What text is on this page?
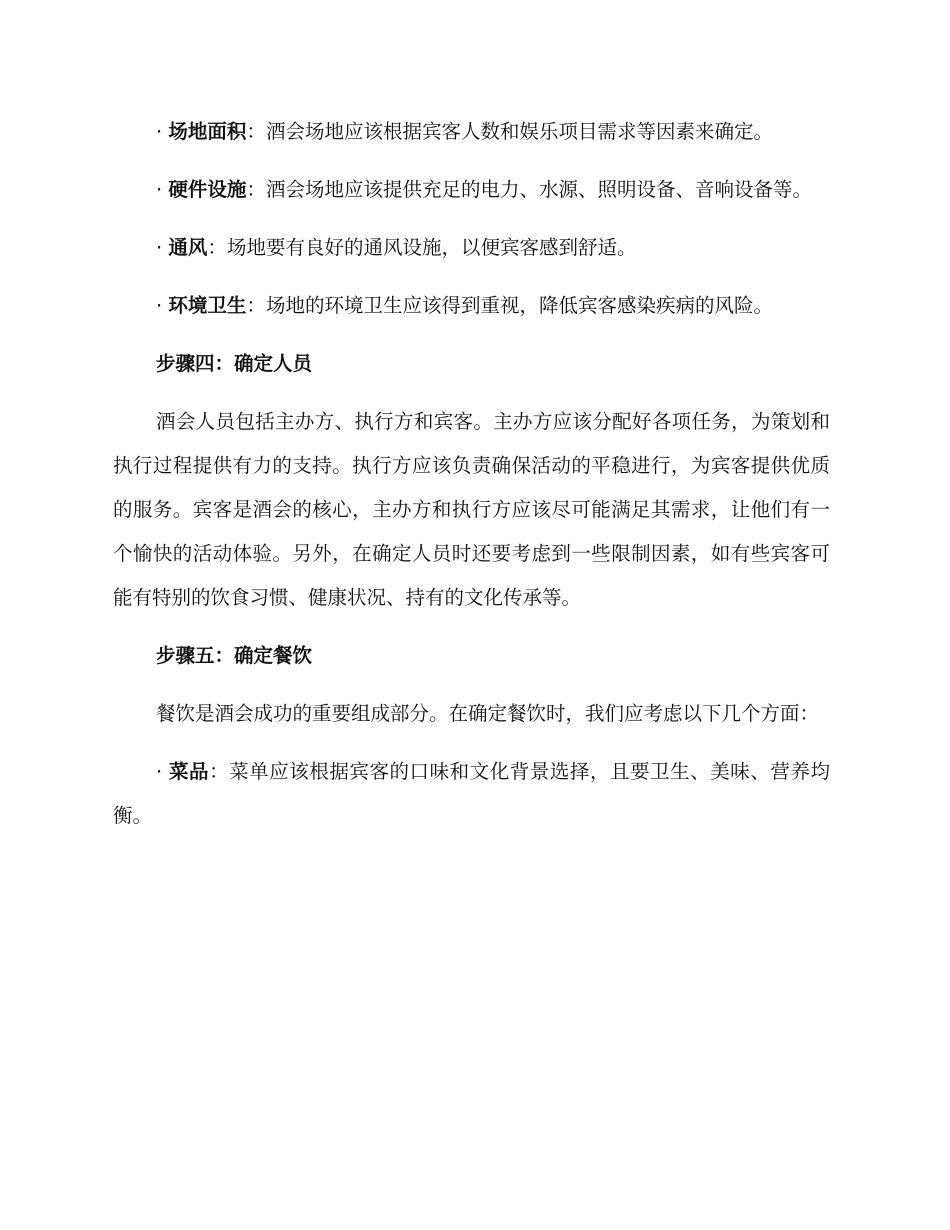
· 场地面积：酒会场地应该根据宾客人数和娱乐项目需求等因素来确定。

· 硬件设施：酒会场地应该提供充足的电力、水源、照明设备、音响设备等。

· 通风：场地要有良好的通风设施，以便宾客感到舒适。

· 环境卫生：场地的环境卫生应该得到重视，降低宾客感染疾病的风险。

步骤四：确定人员

酒会人员包括主办方、执行方和宾客。主办方应该分配好各项任务，为策划和执行过程提供有力的支持。执行方应该负责确保活动的平稳进行，为宾客提供优质的服务。宾客是酒会的核心，主办方和执行方应该尽可能满足其需求，让他们有一个愉快的活动体验。另外，在确定人员时还要考虑到一些限制因素，如有些宾客可能有特别的饮食习惯、健康状况、持有的文化传承等。

步骤五：确定餐饮

餐饮是酒会成功的重要组成部分。在确定餐饮时，我们应考虑以下几个方面：

· 菜品：菜单应该根据宾客的口味和文化背景选择，且要卫生、美味、营养均衡。
